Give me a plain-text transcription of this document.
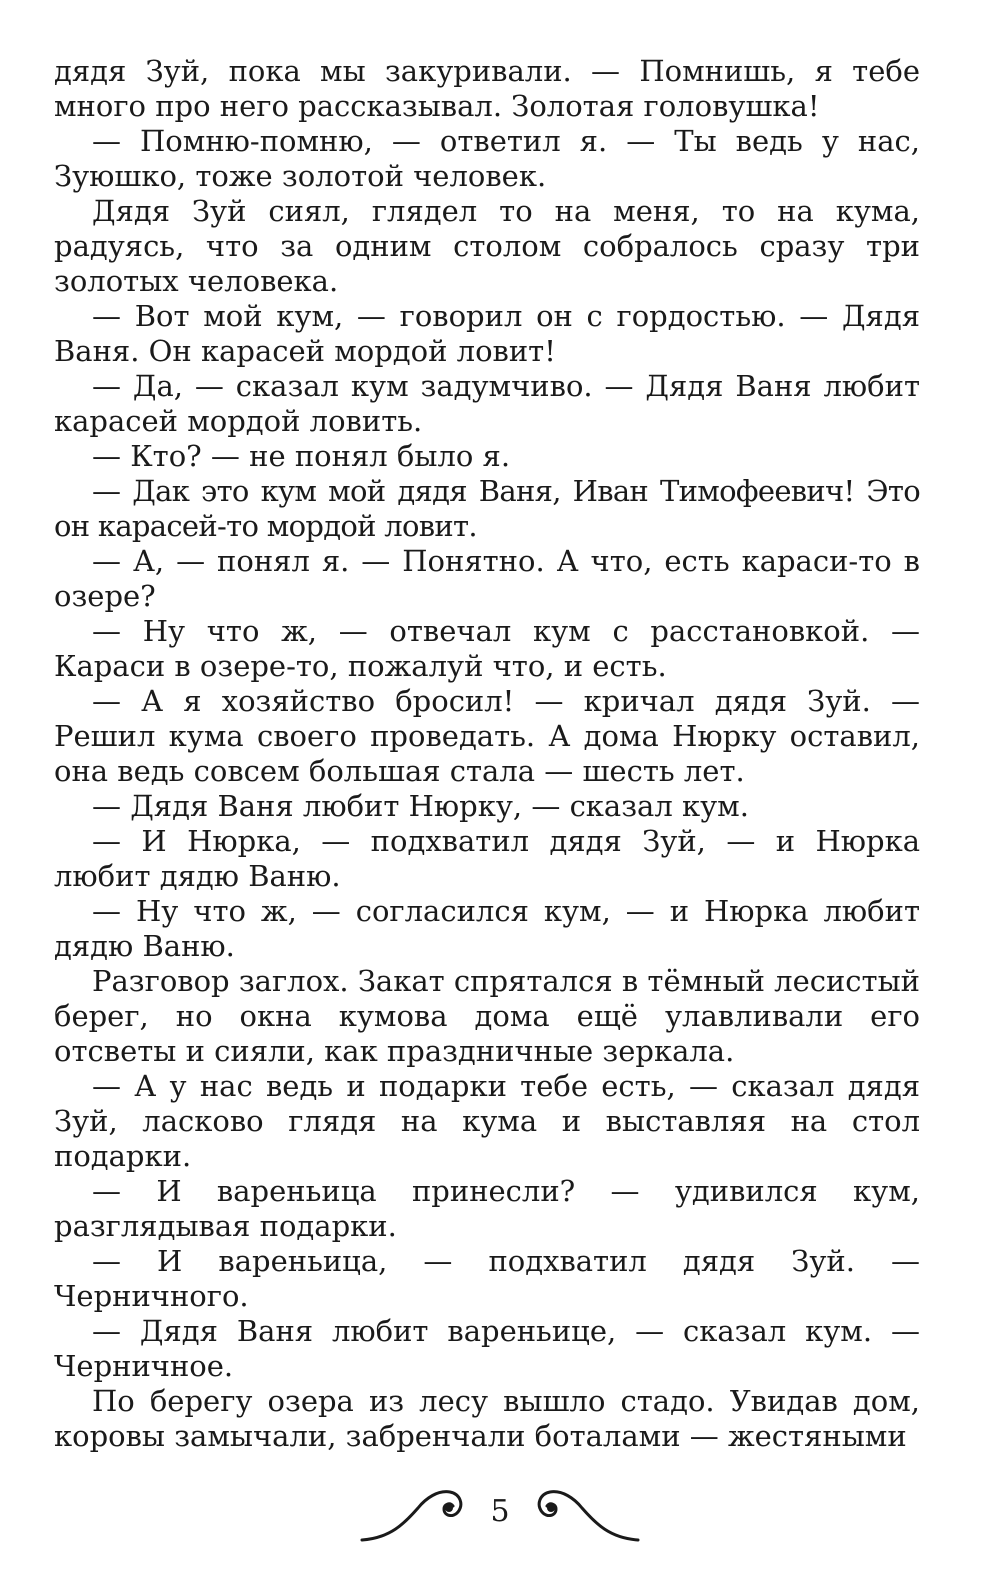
дядя Зуй, пока мы закуривали. — Помнишь, я тебе много про него рассказывал. Золотая головушка!

— Помню-помню, — ответил я. — Ты ведь у нас, Зуюшко, тоже золотой человек.

Дядя Зуй сиял, глядел то на меня, то на кума, радуясь, что за одним столом собралось сразу три золотых человека.

— Вот мой кум, — говорил он с гордостью. — Дядя Ваня. Он карасей мордой ловит!

— Да, — сказал кум задумчиво. — Дядя Ваня любит карасей мордой ловить.

— Кто? — не понял было я.

— Дак это кум мой дядя Ваня, Иван Тимофеевич! Это он карасей-то мордой ловит.

— А, — понял я. — Понятно. А что, есть караси-то в озере?

— Ну что ж, — отвечал кум с расстановкой. — Караси в озере-то, пожалуй что, и есть.

— А я хозяйство бросил! — кричал дядя Зуй. — Решил кума своего проведать. А дома Нюрку оставил, она ведь совсем большая стала — шесть лет.

— Дядя Ваня любит Нюрку, — сказал кум.

— И Нюрка, — подхватил дядя Зуй, — и Нюрка любит дядю Ваню.

— Ну что ж, — согласился кум, — и Нюрка любит дядю Ваню.

Разговор заглох. Закат спрятался в тёмный лесистый берег, но окна кумова дома ещё улавливали его отсветы и сияли, как праздничные зеркала.

— А у нас ведь и подарки тебе есть, — сказал дядя Зуй, ласково глядя на кума и выставляя на стол подарки.

— И вареньица принесли? — удивился кум, разглядывая подарки.

— И вареньица, — подхватил дядя Зуй. — Черничного.

— Дядя Ваня любит вареньице, — сказал кум. — Черничное.

По берегу озера из лесу вышло стадо. Увидав дом, коровы замычали, забренчали боталами — жестяными

5
